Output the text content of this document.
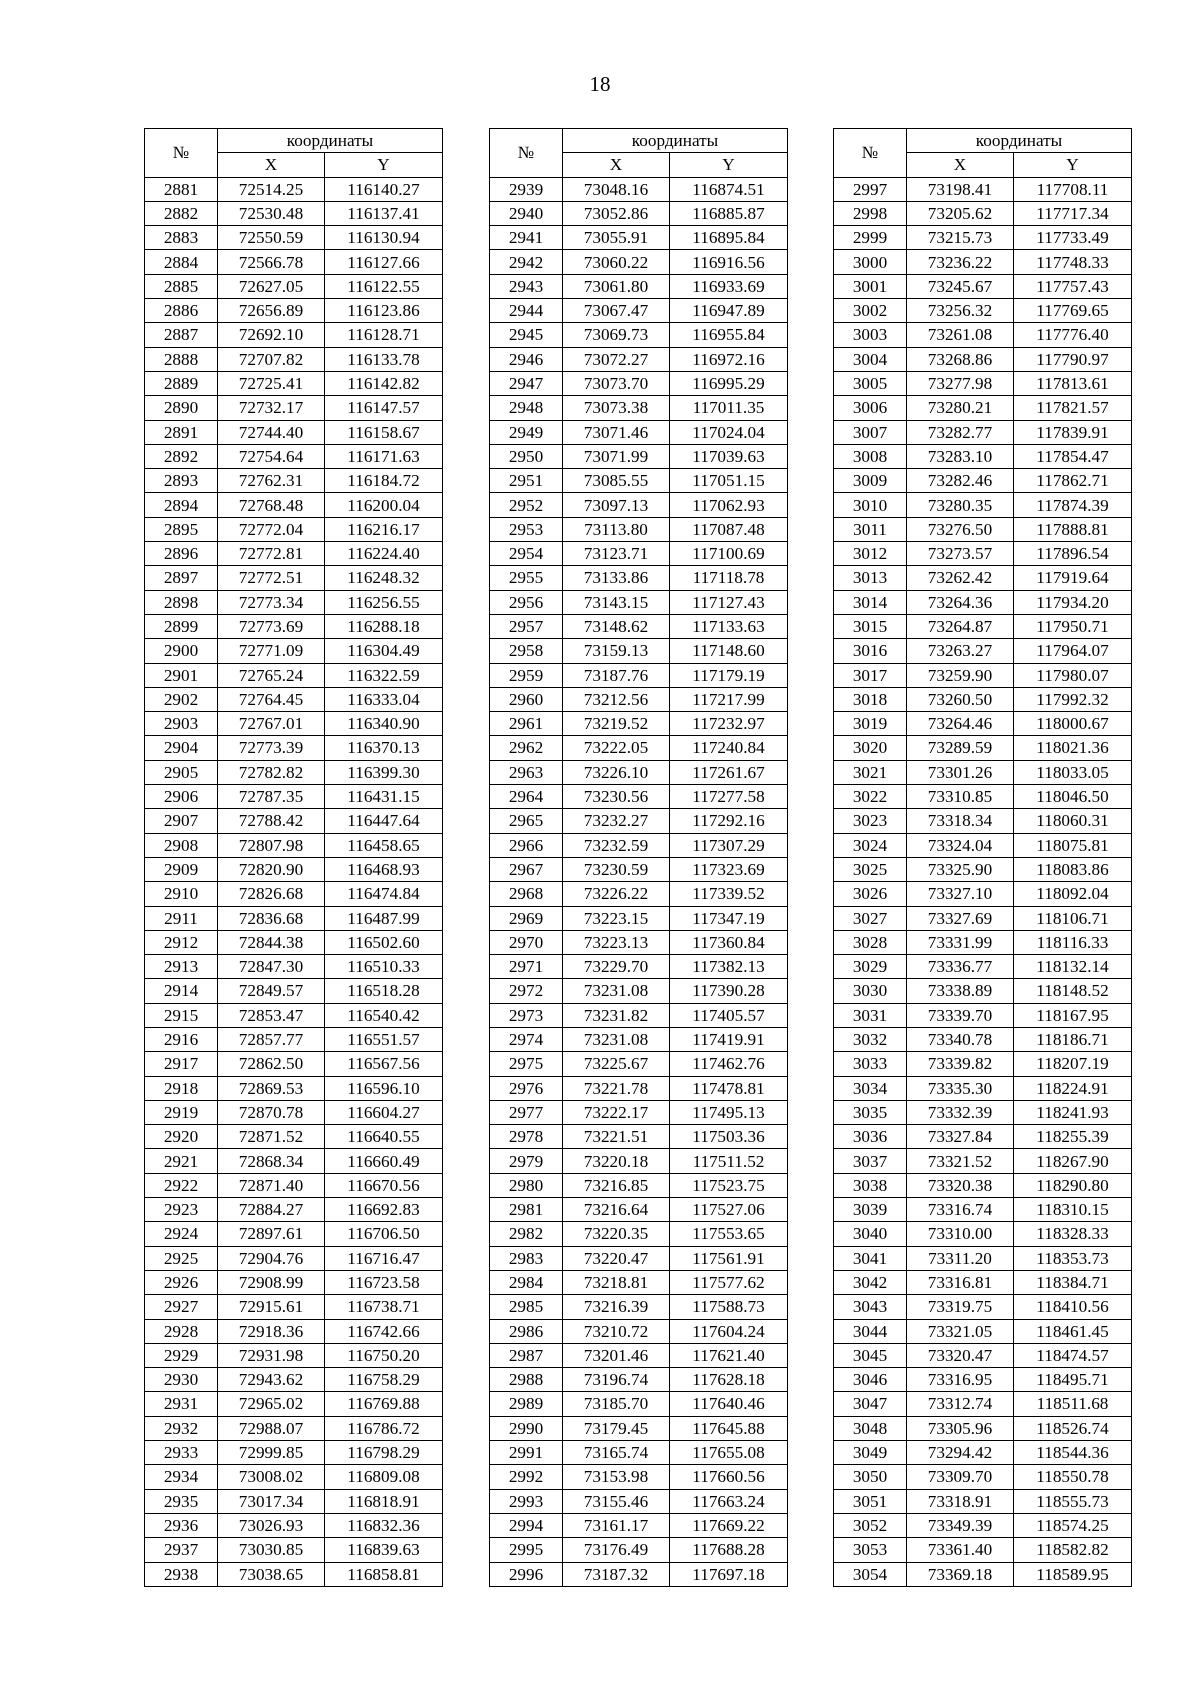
18
№	координаты	
	X	Y
2881	72514.25	116140.27
2882	72530.48	116137.41
2883	72550.59	116130.94
2884	72566.78	116127.66
2885	72627.05	116122.55
2886	72656.89	116123.86
2887	72692.10	116128.71
2888	72707.82	116133.78
2889	72725.41	116142.82
2890	72732.17	116147.57
2891	72744.40	116158.67
2892	72754.64	116171.63
2893	72762.31	116184.72
2894	72768.48	116200.04
2895	72772.04	116216.17
2896	72772.81	116224.40
2897	72772.51	116248.32
2898	72773.34	116256.55
2899	72773.69	116288.18
2900	72771.09	116304.49
2901	72765.24	116322.59
2902	72764.45	116333.04
2903	72767.01	116340.90
2904	72773.39	116370.13
2905	72782.82	116399.30
2906	72787.35	116431.15
2907	72788.42	116447.64
2908	72807.98	116458.65
2909	72820.90	116468.93
2910	72826.68	116474.84
2911	72836.68	116487.99
2912	72844.38	116502.60
2913	72847.30	116510.33
2914	72849.57	116518.28
2915	72853.47	116540.42
2916	72857.77	116551.57
2917	72862.50	116567.56
2918	72869.53	116596.10
2919	72870.78	116604.27
2920	72871.52	116640.55
2921	72868.34	116660.49
2922	72871.40	116670.56
2923	72884.27	116692.83
2924	72897.61	116706.50
2925	72904.76	116716.47
2926	72908.99	116723.58
2927	72915.61	116738.71
2928	72918.36	116742.66
2929	72931.98	116750.20
2930	72943.62	116758.29
2931	72965.02	116769.88
2932	72988.07	116786.72
2933	72999.85	116798.29
2934	73008.02	116809.08
2935	73017.34	116818.91
2936	73026.93	116832.36
2937	73030.85	116839.63
2938	73038.65	116858.81
№	координаты	
	X	Y
2939	73048.16	116874.51
2940	73052.86	116885.87
2941	73055.91	116895.84
2942	73060.22	116916.56
2943	73061.80	116933.69
2944	73067.47	116947.89
2945	73069.73	116955.84
2946	73072.27	116972.16
2947	73073.70	116995.29
2948	73073.38	117011.35
2949	73071.46	117024.04
2950	73071.99	117039.63
2951	73085.55	117051.15
2952	73097.13	117062.93
2953	73113.80	117087.48
2954	73123.71	117100.69
2955	73133.86	117118.78
2956	73143.15	117127.43
2957	73148.62	117133.63
2958	73159.13	117148.60
2959	73187.76	117179.19
2960	73212.56	117217.99
2961	73219.52	117232.97
2962	73222.05	117240.84
2963	73226.10	117261.67
2964	73230.56	117277.58
2965	73232.27	117292.16
2966	73232.59	117307.29
2967	73230.59	117323.69
2968	73226.22	117339.52
2969	73223.15	117347.19
2970	73223.13	117360.84
2971	73229.70	117382.13
2972	73231.08	117390.28
2973	73231.82	117405.57
2974	73231.08	117419.91
2975	73225.67	117462.76
2976	73221.78	117478.81
2977	73222.17	117495.13
2978	73221.51	117503.36
2979	73220.18	117511.52
2980	73216.85	117523.75
2981	73216.64	117527.06
2982	73220.35	117553.65
2983	73220.47	117561.91
2984	73218.81	117577.62
2985	73216.39	117588.73
2986	73210.72	117604.24
2987	73201.46	117621.40
2988	73196.74	117628.18
2989	73185.70	117640.46
2990	73179.45	117645.88
2991	73165.74	117655.08
2992	73153.98	117660.56
2993	73155.46	117663.24
2994	73161.17	117669.22
2995	73176.49	117688.28
2996	73187.32	117697.18
№	координаты	
	X	Y
2997	73198.41	117708.11
2998	73205.62	117717.34
2999	73215.73	117733.49
3000	73236.22	117748.33
3001	73245.67	117757.43
3002	73256.32	117769.65
3003	73261.08	117776.40
3004	73268.86	117790.97
3005	73277.98	117813.61
3006	73280.21	117821.57
3007	73282.77	117839.91
3008	73283.10	117854.47
3009	73282.46	117862.71
3010	73280.35	117874.39
3011	73276.50	117888.81
3012	73273.57	117896.54
3013	73262.42	117919.64
3014	73264.36	117934.20
3015	73264.87	117950.71
3016	73263.27	117964.07
3017	73259.90	117980.07
3018	73260.50	117992.32
3019	73264.46	118000.67
3020	73289.59	118021.36
3021	73301.26	118033.05
3022	73310.85	118046.50
3023	73318.34	118060.31
3024	73324.04	118075.81
3025	73325.90	118083.86
3026	73327.10	118092.04
3027	73327.69	118106.71
3028	73331.99	118116.33
3029	73336.77	118132.14
3030	73338.89	118148.52
3031	73339.70	118167.95
3032	73340.78	118186.71
3033	73339.82	118207.19
3034	73335.30	118224.91
3035	73332.39	118241.93
3036	73327.84	118255.39
3037	73321.52	118267.90
3038	73320.38	118290.80
3039	73316.74	118310.15
3040	73310.00	118328.33
3041	73311.20	118353.73
3042	73316.81	118384.71
3043	73319.75	118410.56
3044	73321.05	118461.45
3045	73320.47	118474.57
3046	73316.95	118495.71
3047	73312.74	118511.68
3048	73305.96	118526.74
3049	73294.42	118544.36
3050	73309.70	118550.78
3051	73318.91	118555.73
3052	73349.39	118574.25
3053	73361.40	118582.82
3054	73369.18	118589.95
